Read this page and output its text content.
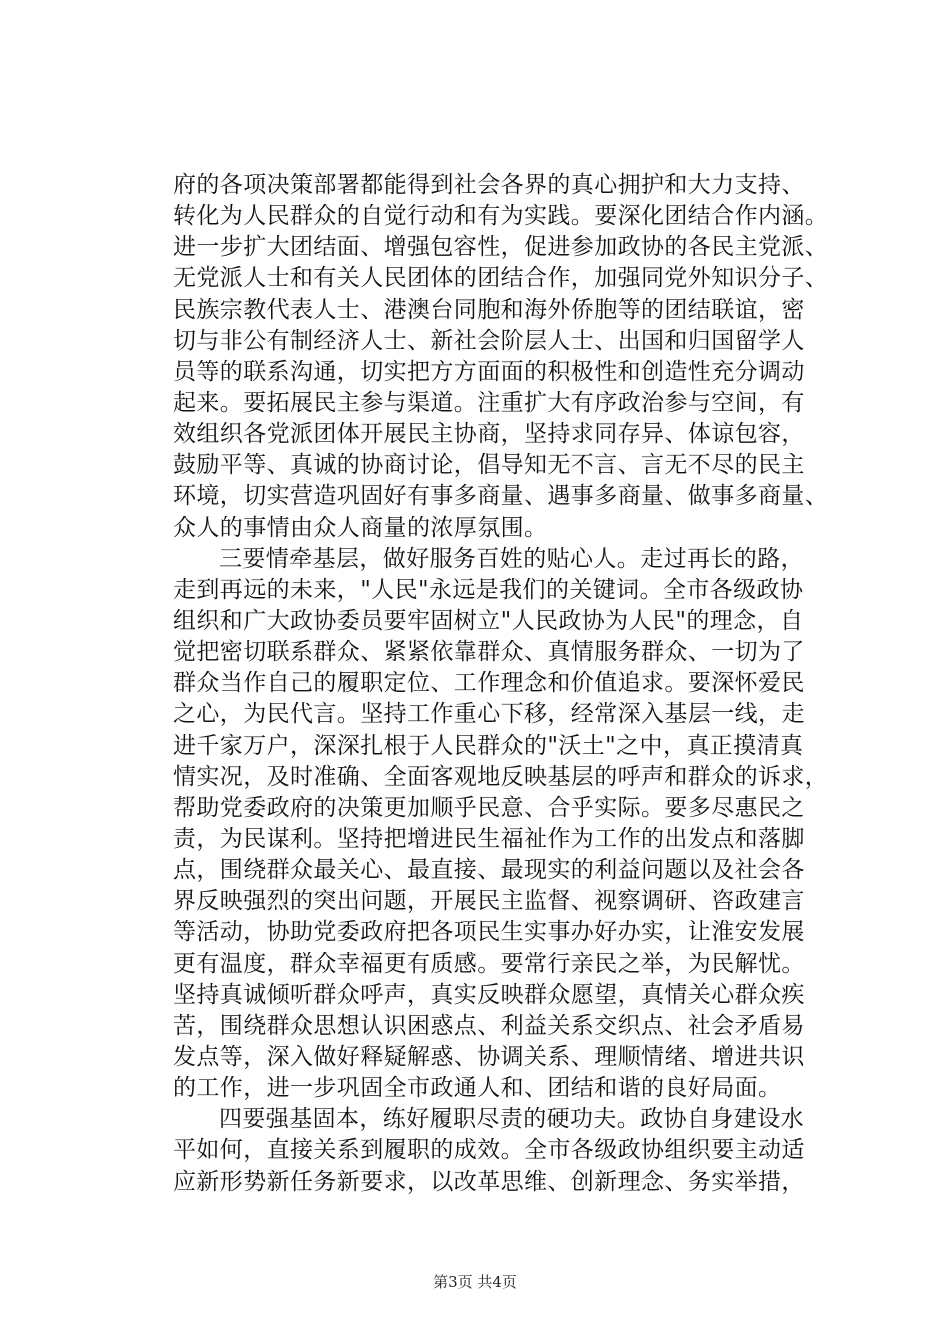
府的各项决策部署都能得到社会各界的真心拥护和大力支持、
转化为人民群众的自觉行动和有为实践。要深化团结合作内涵。
进一步扩大团结面、增强包容性，促进参加政协的各民主党派、
无党派人士和有关人民团体的团结合作，加强同党外知识分子、
民族宗教代表人士、港澳台同胞和海外侨胞等的团结联谊，密
切与非公有制经济人士、新社会阶层人士、出国和归国留学人
员等的联系沟通，切实把方方面面的积极性和创造性充分调动
起来。要拓展民主参与渠道。注重扩大有序政治参与空间，有
效组织各党派团体开展民主协商，坚持求同存异、体谅包容，
鼓励平等、真诚的协商讨论，倡导知无不言、言无不尽的民主
环境，切实营造巩固好有事多商量、遇事多商量、做事多商量、
众人的事情由众人商量的浓厚氛围。
三要情牵基层，做好服务百姓的贴心人。走过再长的路，
走到再远的未来，"人民"永远是我们的关键词。全市各级政协
组织和广大政协委员要牢固树立"人民政协为人民"的理念，自
觉把密切联系群众、紧紧依靠群众、真情服务群众、一切为了
群众当作自己的履职定位、工作理念和价值追求。要深怀爱民
之心，为民代言。坚持工作重心下移，经常深入基层一线，走
进千家万户，深深扎根于人民群众的"沃土"之中，真正摸清真
情实况，及时准确、全面客观地反映基层的呼声和群众的诉求，
帮助党委政府的决策更加顺乎民意、合乎实际。要多尽惠民之
责，为民谋利。坚持把增进民生福祉作为工作的出发点和落脚
点，围绕群众最关心、最直接、最现实的利益问题以及社会各
界反映强烈的突出问题，开展民主监督、视察调研、咨政建言
等活动，协助党委政府把各项民生实事办好办实，让淮安发展
更有温度，群众幸福更有质感。要常行亲民之举，为民解忧。
坚持真诚倾听群众呼声，真实反映群众愿望，真情关心群众疾
苦，围绕群众思想认识困惑点、利益关系交织点、社会矛盾易
发点等，深入做好释疑解惑、协调关系、理顺情绪、增进共识
的工作，进一步巩固全市政通人和、团结和谐的良好局面。
四要强基固本，练好履职尽责的硬功夫。政协自身建设水
平如何，直接关系到履职的成效。全市各级政协组织要主动适
应新形势新任务新要求，以改革思维、创新理念、务实举措，
第3页 共4页
